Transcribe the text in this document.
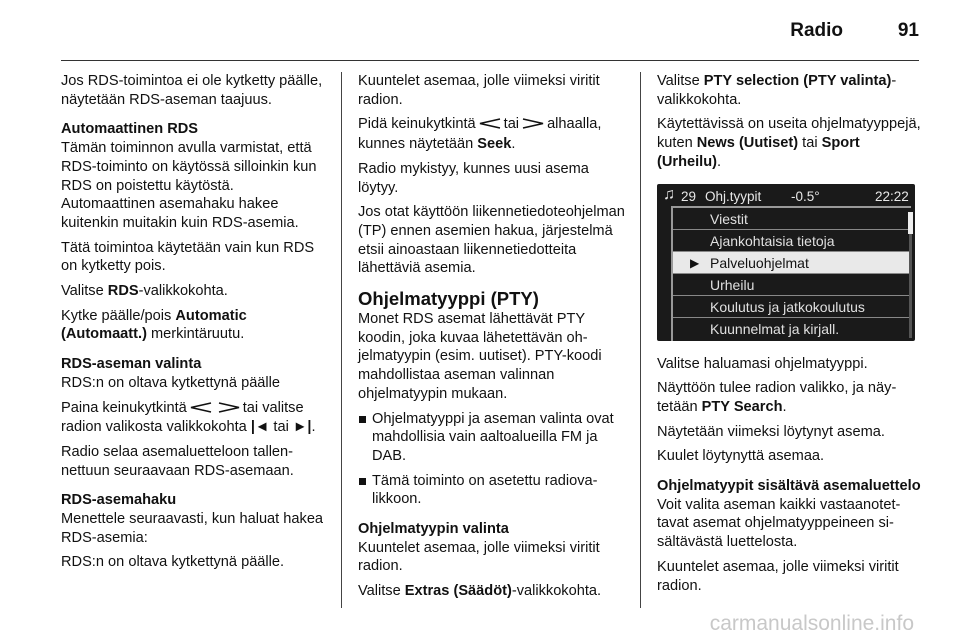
Radio	91

Jos RDS-toimintoa ei ole kytketty päälle, näytetään RDS-aseman taajuus.

Automaattinen RDS

Tämän toiminnon avulla varmistat, että RDS-toiminto on käytössä silloinkin kun RDS on poistettu käytöstä. Automaattinen asemahaku hakee kuitenkin muitakin kuin RDS-asemia.

Tätä toimintoa käytetään vain kun RDS on kytketty pois.

Valitse RDS-valikkokohta.

Kytke päälle/pois Automatic (Automaatt.) merkintäruutu.

RDS-aseman valinta

RDS:n on oltava kytkettynä päälle

Paina keinukytkintä	tai valitse radion valikosta valikkokohta |◄ tai ►|.

Radio selaa asemaluetteloon tallennettuun seuraavaan RDS-asemaan.

RDS-asemahaku

Menettele seuraavasti, kun haluat hakea RDS-asemia:

RDS:n on oltava kytkettynä päälle.

Kuuntelet asemaa, jolle viimeksi viritit radion.

Pidä keinukytkintä tai alhaalla, kunnes näytetään Seek.

Radio mykistyy, kunnes uusi asema löytyy.

Jos otat käyttöön liikennetiedoteohjelman (TP) ennen asemien hakua, järjestelmä etsii ainoastaan liikennetiedotteita lähettäviä asemia.

Ohjelmatyyppi (PTY)

Monet RDS asemat lähettävät PTY koodin, joka kuvaa lähetettävän ohjelmatyypin (esim. uutiset). PTY-koodi mahdollistaa aseman valinnan ohjelmatyypin mukaan.

Ohjelmatyyppi ja aseman valinta ovat mahdollisia vain aaltoalueilla FM ja DAB.
Tämä toiminto on asetettu radiovalikkoon.

Ohjelmatyypin valinta

Kuuntelet asemaa, jolle viimeksi viritit radion.

Valitse Extras (Säädöt)-valikkokohta.

Valitse PTY selection (PTY valinta)-valikkokohta.

Käytettävissä on useita ohjelmatyyppejä, kuten News (Uutiset) tai Sport (Urheilu).

♫ 29 Ohj.tyypit -0.5°	22:22
Viestit
Ajankohtaisia tietoja
▶ Palveluohjelmat
Urheilu
Koulutus ja jatkokoulutus
Kuunnelmat ja kirjall.

Valitse haluamasi ohjelmatyyppi.

Näyttöön tulee radion valikko, ja näytetään PTY Search.

Näytetään viimeksi löytynyt asema.

Kuulet löytynyttä asemaa.

Ohjelmatyypit sisältävä asemaluettelo

Voit valita aseman kaikki vastaanotettavat asemat ohjelmatyyppeineen sisältävästä luettelosta.

Kuuntelet asemaa, jolle viimeksi viritit radion.

carmanualsonline.info
